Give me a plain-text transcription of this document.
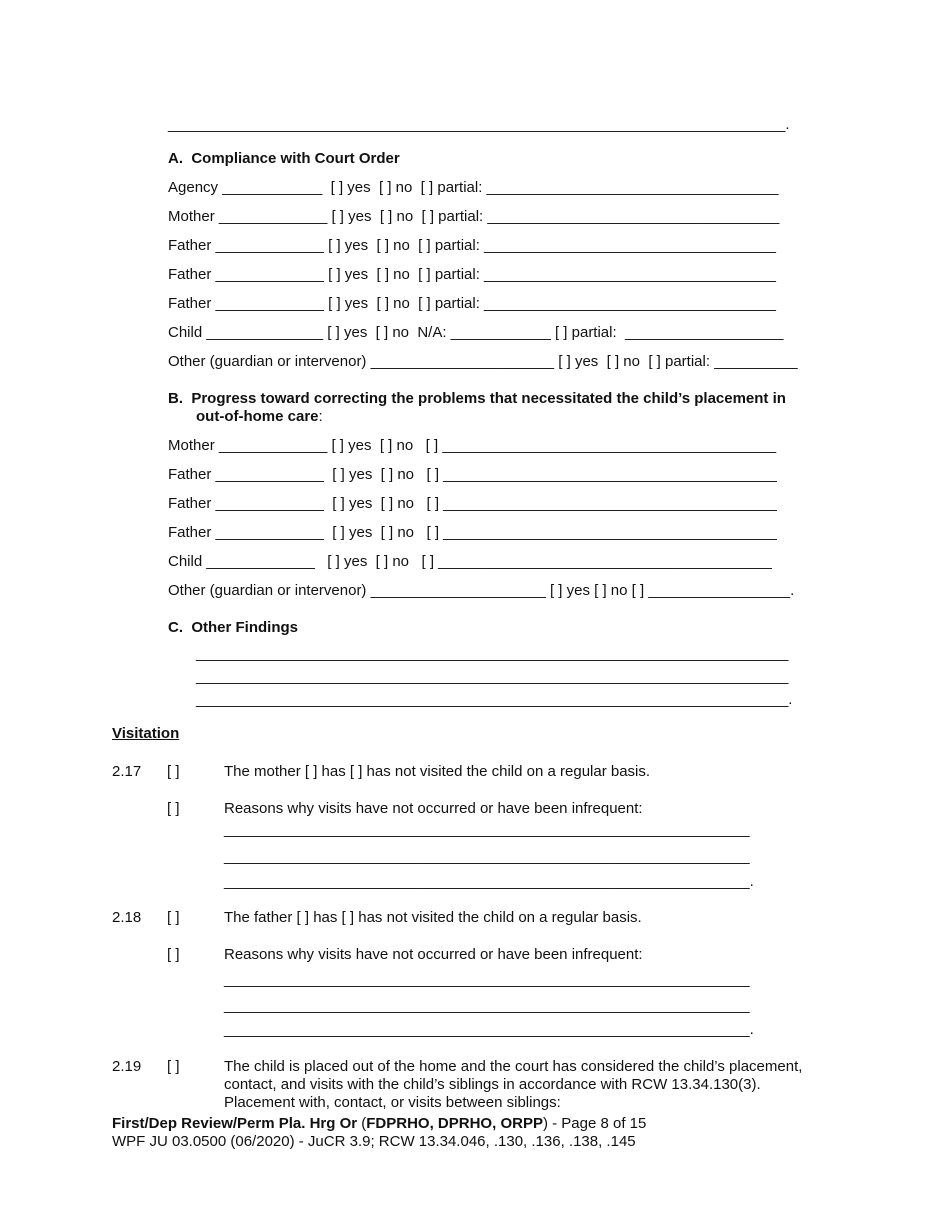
__________________________________________________________________________.
A.  Compliance with Court Order
Agency ____________  [ ] yes  [ ] no  [ ] partial: ___________________________________
Mother _____________ [ ] yes  [ ] no  [ ] partial: ___________________________________
Father _____________ [ ] yes  [ ] no  [ ] partial: ___________________________________
Father _____________ [ ] yes  [ ] no  [ ] partial: ___________________________________
Father _____________ [ ] yes  [ ] no  [ ] partial: ___________________________________
Child ______________ [ ] yes  [ ] no  N/A: ____________ [ ] partial:  ___________________
Other (guardian or intervenor) ______________________ [ ] yes  [ ] no  [ ] partial: __________
B.  Progress toward correcting the problems that necessitated the child’s placement in
out-of-home care:
Mother _____________ [ ] yes  [ ] no   [ ] ________________________________________
Father _____________  [ ] yes  [ ] no   [ ] ________________________________________
Father _____________  [ ] yes  [ ] no   [ ] ________________________________________
Father _____________  [ ] yes  [ ] no   [ ] ________________________________________
Child _____________   [ ] yes  [ ] no   [ ] ________________________________________
Other (guardian or intervenor) _____________________ [ ] yes [ ] no [ ] _________________.
C.  Other Findings
_______________________________________________________________________
_______________________________________________________________________
_______________________________________________________________________.
Visitation
2.17 [ ]	The mother [ ] has [ ] has not visited the child on a regular basis.
[ ]	Reasons why visits have not occurred or have been infrequent:
_______________________________________________________________
_______________________________________________________________
_______________________________________________________________.
2.18 [ ]	The father [ ] has [ ] has not visited the child on a regular basis.
[ ]	Reasons why visits have not occurred or have been infrequent:
_______________________________________________________________
_______________________________________________________________
_______________________________________________________________.
2.19 [ ]	The child is placed out of the home and the court has considered the child’s placement,
contact, and visits with the child’s siblings in accordance with RCW 13.34.130(3).
Placement with, contact, or visits between siblings:
First/Dep Review/Perm Pla. Hrg Or (FDPRHO, DPRHO, ORPP) - Page 8 of 15
WPF JU 03.0500 (06/2020) - JuCR 3.9; RCW 13.34.046, .130, .136, .138, .145
